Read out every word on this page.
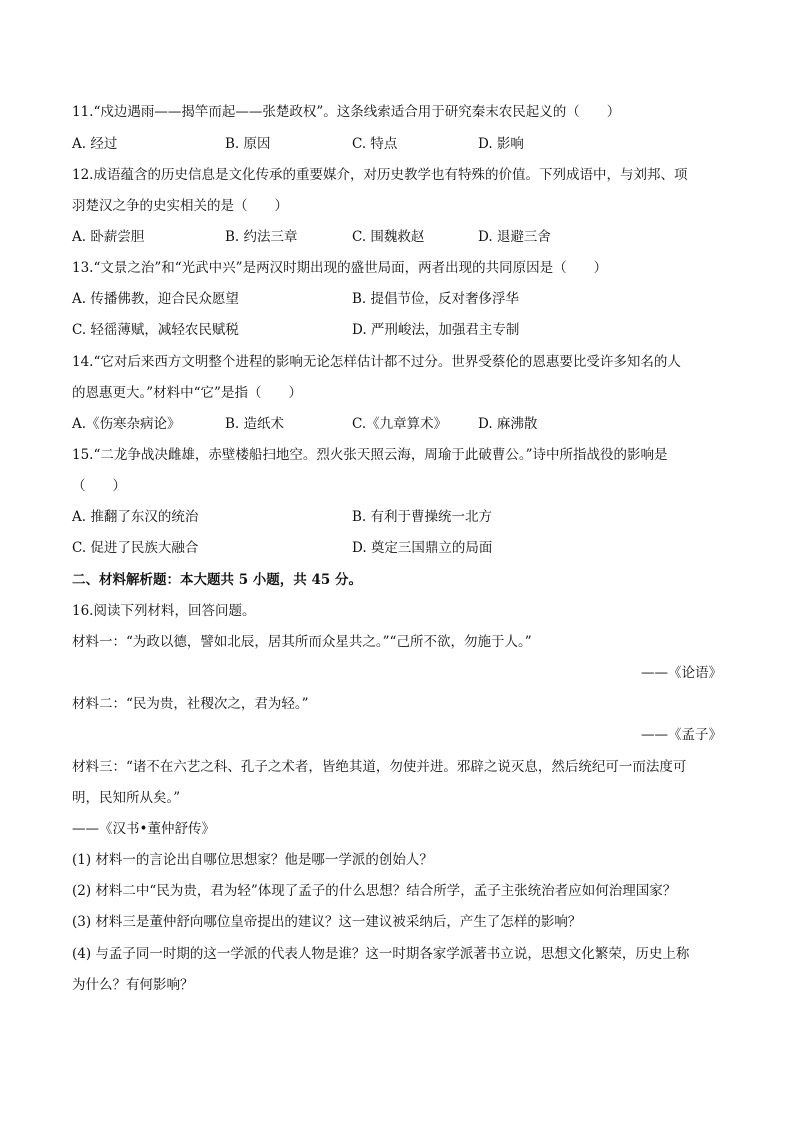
11.“戍边遇雨——揭竿而起——张楚政权”。这条线索适合用于研究秦末农民起义的（　　）
A. 经过	B. 原因	C. 特点	D. 影响
12.成语蕴含的历史信息是文化传承的重要媒介，对历史教学也有特殊的价值。下列成语中，与刘邦、项
羽楚汉之争的史实相关的是（　　）
A. 卧薪尝胆	B. 约法三章	C. 围魏救赵	D. 退避三舍
13.“文景之治”和“光武中兴”是两汉时期出现的盛世局面，两者出现的共同原因是（　　）
A. 传播佛教，迎合民众愿望	B. 提倡节俭，反对奢侈浮华
C. 轻徭薄赋，减轻农民赋税	D. 严刑峻法，加强君主专制
14.“它对后来西方文明整个进程的影响无论怎样估计都不过分。世界受蔡伦的恩惠要比受许多知名的人
的恩惠更大。”材料中“它”是指（　　）
A.《伤寒杂病论》	B. 造纸术	C.《九章算术》 D. 麻沸散
15.“二龙争战决雌雄，赤壁楼船扫地空。烈火张天照云海，周瑜于此破曹公。”诗中所指战役的影响是
（　　）
A. 推翻了东汉的统治	B. 有利于曹操统一北方
C. 促进了民族大融合	D. 奠定三国鼎立的局面
二、材料解析题：本大题共 5 小题，共 45 分。
16.阅读下列材料，回答问题。
材料一：“为政以德，譬如北辰，居其所而众星共之。”“己所不欲，勿施于人。”
——《论语》
材料二：“民为贵，社稷次之，君为轻。”
——《孟子》
材料三：“诸不在六艺之科、孔子之术者，皆绝其道，勿使并进。邪辟之说灭息，然后统纪可一而法度可
明，民知所从矣。”
——《汉书•董仲舒传》
(1) 材料一的言论出自哪位思想家？他是哪一学派的创始人？
(2) 材料二中“民为贵，君为轻”体现了孟子的什么思想？结合所学，孟子主张统治者应如何治理国家？
(3) 材料三是董仲舒向哪位皇帝提出的建议？这一建议被采纳后，产生了怎样的影响？
(4) 与孟子同一时期的这一学派的代表人物是谁？这一时期各家学派著书立说，思想文化繁荣，历史上称
为什么？有何影响？
